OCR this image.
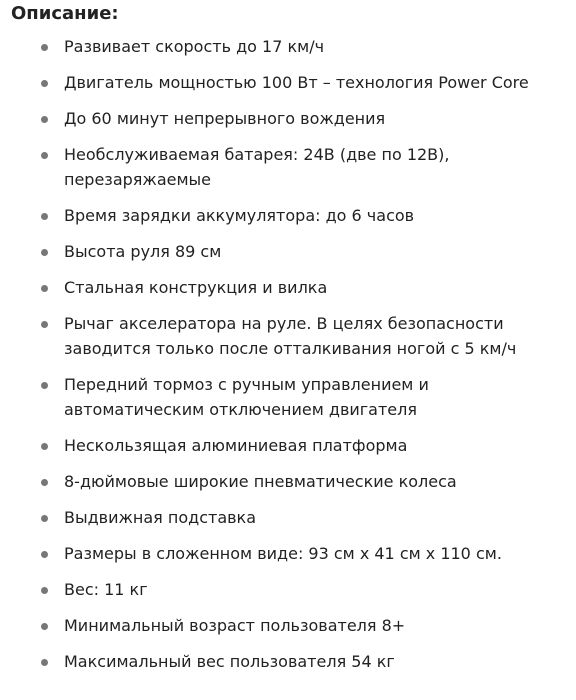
Описание:
Развивает скорость до 17 км/ч
Двигатель мощностью 100 Вт – технология Power Core
До 60 минут непрерывного вождения
Необслуживаемая батарея: 24В (две по 12В), перезаряжаемые
Время зарядки аккумулятора: до 6 часов
Высота руля 89 см
Стальная конструкция и вилка
Рычаг акселератора на руле. В целях безопасности заводится только после отталкивания ногой с 5 км/ч
Передний тормоз с ручным управлением и автоматическим отключением двигателя
Нескользящая алюминиевая платформа
8-дюймовые широкие пневматические колеса
Выдвижная подставка
Размеры в сложенном виде: 93 см x 41 см x 110 см.
Вес: 11 кг
Минимальный возраст пользователя 8+
Максимальный вес пользователя 54 кг
